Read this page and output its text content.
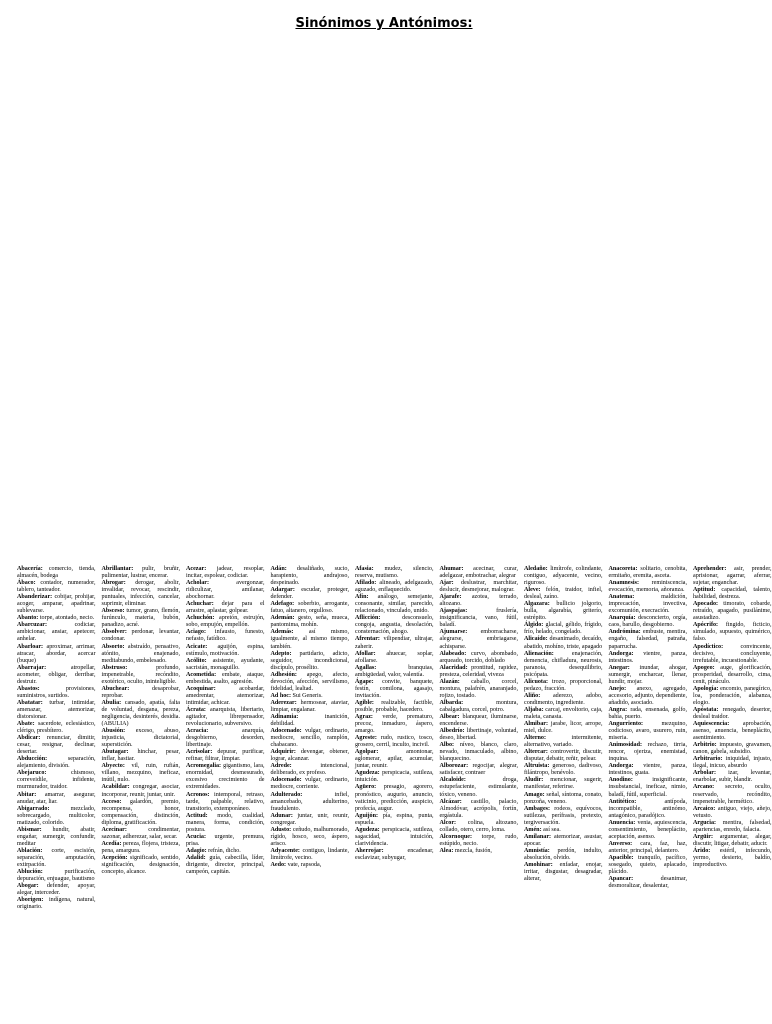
Sinónimos y Antónimos:

Abacería: comercio, tienda, almacén, bodega

Ábaco: contador, numerador, tablero, tanteador.

Abanderizar: cobijar, prohijar, acoger, amparar, apadrinar, sublevarse.

Abanto: torpe, atontado, necio.

Abarcuzar: codiciar, ambicionar, ansiar, apetecer, anhelar.

Abarloar: aproximar, arrimar, atracar, abordar, acercar (buque)

Abarrajar: atropellar, acometer, obligar, derribar, destruir.

Abastos: provisiones, suministros, surtidos.

Abatatar: turbar, intimidar, amenazar, atemorizar, distorsionar.

Abate: sacerdote, eclesiástico, clérigo, presbítero.

Abdicar: renunciar, dimitir, cesar, resignar, declinar, desertar.

Abducción: separación, alejamiento, división.

Abejaruco: chismoso, correveidile, infidente, murmurador, traidor.

Abitar: amarrar, asegurar, anudar, atar, liar.

Abigarrado: mezclado, sobrecargado, multicolor, matizado, colorido.

Abismar: hundir, abatir, engañar, sumergir, confundir, meditar

Ablación: corte, escisión, separación, amputación, extirpación.

Ablución: purificación, depuración, enjuague, bautismo

Abogar: defender, apoyar, alegar, interceder.

Aborigen: indígena, natural, originario.

Abrillantar: pulir, bruñir, pulimentar, lustrar, encerar.

Abrogar: derogar, abolir, invalidar, revocar, rescindir, puntuales, infección, cancelar, suprimir, eliminar.

Absceso: tumor, grano, flemón, furúnculo, materia, bubón, panadizo, acné.

Absolver: perdonar, levantar, condonar.

Absorto: abstraído, pensativo, atónito, enajenado, meditabundo, embelesado.

Abstruso: profundo, impenetrable, recóndito, exotérico, oculto, ininteligible.

Abuchear: desaprobar, reprobar.

Abulia: cansado, apatía, falta de voluntad, desgana, pereza, negligencia, desinterés, desidia. (ABULIA)

Abusión: exceso, abuso, injusticia, dictatorial, superstición.

Abutagar: hinchar, pesar, inflar, hastiar.

Abyecto: vil, ruin, rufián, villano, mezquino, ineficaz, inútil, nulo.

Acabildar: congregar, asociar, incorporar, reunir, juntar, unir.

Acceso: galardón, premio, recompensa, honor, compensación, distinción, diploma, gratificación.

Acecinar: condimentar, sazonar, adherezar, salar, secar.

Acedía: pereza, flojera, tristeza, pena, amargura.

Acepción: significado, sentido, significación, designación, concepto, alcance.

Acezar: jadear, resoplar, incitar, espolear, codiciar.

Acholar: avergonzar, ridiculizar, amilanar, abochornar.

Achuchar: dejar para el arrastre, aplastar, golpear.

Achuchón: apretón, estrujón, sobo, empujón, empellón.

Aciago: infausto, funesto, nefasto, fatídico.

Acicate: aguijón, espina, estímulo, motivación.

Acólito: asistente, ayudante, sacristán, monaguillo.

Acometida: embate, ataque, embestida, asalto, agresión.

Acoquinar: acobardar, amedrentar, atemorizar, intimidar, achicar.

Ácrata: anarquista, libertario, agitador, librepensador, revolucionario, subversivo.

Acracia: anarquía, desgobierno, desorden, libertinaje.

Acrisolar: depurar, purificar, refinar, filtrar, limpiar.

Acromegalia: gigantismo, lara, enormidad, desmesurado, excesivo crecimiento de extremidades.

Acronos: intemporal, retraso, tarde, palpable, relativo, transitorio, extemporáneo.

Actitud: modo, cualidad, manera, forma, condición, postura.

Acucia: urgente, premura, prisa.

Adagio: refrán, dicho.

Adalid: guía, cabecilla, líder, dirigente, director, principal, campeón, capitán.

Adán: desaliñado, sucio, harapiento, andrajoso, despeinado.

Adargar: escudar, proteger, defender.

Adefago: soberbio, arrogante, fatuo, altanero, orgulloso.

Ademán: gesto, seña, mueca, pantomima, mohín.

Además: así mismo, igualmente, al mismo tiempo, también.

Adepto: partidario, adicto, seguidor, incondicional, discípulo, prosélito.

Adhesión: apego, afecto, devoción, afección, servilismo, fidelidad, lealtad.

Ad hoc: Sui Generis.

Aderezar: hermosear, ataviar, limpiar, engalanar.

Adinamia: inanición, debilidad.

Adocenado: vulgar, ordinario, mediocre, sencillo, ramplón, chabacano.

Adquirir: devengar, obtener, lograr, alcanzar.

Adrede: intencional, deliberado, ex profeso.

Adocenado: vulgar, ordinario, mediocre, corriente.

Adulterado: infiel, amancebado, adulterino, fraudulento.

Adunar: juntar, unir, reunir, congregar.

Adusto: ceñudo, malhumorado, rígido, hosco, seco, áspero, arisco.

Adyacente: contiguo, lindante, limítrofe, vecino.

Aedo: vate, rapsoda,

Afasia: mudez, silencio, reserva, mutismo.

Afilado: alineado, adelgazado, aguzado, enflaquecido.

Afín: análogo, semejante, consonante, similar, parecido, relacionado, vinculado, unido.

Aflicción: desconsuelo, congoja, angustia, desolación, consternación, ahogo.

Afrentar: vilipendiar, ultrajar, zaherir.

Afollar: ahuecar, soplar, afollarse.

Agallas: branquias, ambigüedad, valor, valentía.

Ágape: convite, banquete, festín, comilona, agasajo, invitación.

Agible: realizable, factible, posible, probable, hacedero.

Agraz: verde, prematuro, precoz, inmaduro, áspero, amargo.

Agreste: rudo, rustico, tosco, grosero, cerril, inculto, incivil.

Agolpar: amontonar, aglomerar, apilar, acumular, juntar, reunir.

Agudeza: perspicacia, sutileza, intuición.

Agüero: presagio, agorero, pronóstico, augurio, anuncio, vaticinio, predicción, auspicio, profecía, augur.

Aguijón: pía, espina, punta, espuela.

Agudeza: perspicacia, sutileza, sagacidad, intuición, clarividencia.

Aherrojar: encadenar, esclavizar, subyugar,

Ahumar: acecinar, curar, adelgazar, embotrachar, alegrar

Ajar: deslustrar, marchitar, deslucir, desmejorar, malograr.

Ajarafe: azotea, terrado, altozano.

Ajaspajas: fruslería, insignificancia, vano, fútil, baladí.

Ajumarse: emborracharse, alegrarse, embriagarse, achisparse.

Alabeado: curvo, abombado, arqueado, torcido, doblado

Alacridad: prontitud, rapidez, presteza, celeridad, viveza

Alazán: caballo, corcel, montura, palafrén, anaranjado, rojizo, tostado.

Albarda: montura, cabalgadura, corcel, potro.

Albear: blanquear, iluminarse, encenderse.

Albedrío: libertinaje, voluntad, deseo, libertad.

Albo: níveo, blanco, claro, nevado, inmaculado, albino, blanquecino.

Alborozar: regocijar, alegrar, satisfacer, contraer

Alcaloide: droga, estupefaciente, estimulante, tóxico, veneno.

Alcázar: castillo, palacio, Almodóvar, acrópolis, fortín, ergástula.

Alcor: colina, altozano, collado, otero, cerro, loma.

Alcornoque: torpe, rudo, estúpido, necio.

Alea: mezcla, fusión,

Aledaño: limítrofe, colindante, contiguo, adyacente, vecino, riguroso.

Aleve: felón, traidor, infiel, desleal, zaíno.

Algazara: bullicio jolgorio, bulla, algarabía, griterío, estrépito.

Álgido: glacial, gélido, frígido, frío, helado, congelado.

Alicaído: desanimado, decaído, abatido, mohíno, triste, apagado

Alienación: enajenación, demencia, chifladura, neurosis, paranoia, desequilibrio, psicópata.

Alicuota: trozo, proporcional, pedazo, fracción.

Aliño: aderezo, adobo, condimento, ingrediente.

Aljaba: carcaj, envoltorio, caja, maleta, canasta.

Almibar: jarabe, licor, arrope, miel, dulce.

Alterno: intermitente, alternativo, variado.

Altercar: controvertir, discutir, disputar, debatir, reñir, pelear.

Altruista: generoso, dadivoso, filántropo, benévolo.

Aludir: mencionar, sugerir, manifestar, referirse.

Amago: señal, síntoma, conato, ponzoña, veneno.

Ambages: rodeos, equívocos, sutilezas, perífrasis, pretexto, tergiversación.

Amén: así sea.

Amilanar: atemorizar, asustar, apocar.

Amnistía: perdón, indulto, absolución, olvido.

Amohinar: enfadar, enojar, irritar, disgustar, desagradar, alterar,

Anacoreta: solitario, cenobita, ermitaño, eremita, asceta.

Anamnesis: reminiscencia, evocación, memoria, añoranza.

Anatema: maldición, imprecación, invectiva, excomunión, execración.

Anarquía: desconcierto, orgía, caos, barullo, desgobierno.

Andrómina: embuste, mentira, engaño, falsedad, patraña, paparrucha.

Andorga: vientre, panza, intestinos.

Anegar: inundar, ahogar, sumergir, encharcar, llenar, hundir, mojar.

Anejo: anexo, agregado, accesorio, adjunto, dependiente, añadido, asociado.

Angra: rada, ensenada, golfo, bahía, puerto.

Angurriento: mezquino, codicioso, avaro, usurero, ruin, miseria.

Animosidad: rechazo, tirria, rencor, ojeriza, enemistad, inquina.

Andorga: vientre, panza, intestinos, guata.

Anodino: insignificante, insubstancial, ineficaz, nimio, baladí, fútil, superficial.

Antitético: antípoda, incompatible, antinómo, antagónico, paradójico.

Anuencia: venia, aquiescencia, consentimiento, beneplácito, aceptación, asenso.

Anverso: cara, faz, haz, anterior, principal, delantero.

Apacible: tranquilo, pacífico, sosegado, quieto, aplacado, plácido.

Apancar: desanimar, desmoralizar, desalentar,

Aprehender: asir, prender, aprisionar, agarrar, aferrar, sujetar, enganchar.

Aptitud: capacidad, talento, habilidad, destreza.

Apocado: timorato, cobarde, retraído, apagado, pusilánime, asustadizo.

Apócrifo: fingido, ficticio, simulado, supuesto, quimérico, falso.

Apodíctico: convincente, decisivo, concluyente, irrefutable, incuestionable.

Apogeo: auge, glorificación, prosperidad, desarrollo, cima, cenit, pináculo.

Apología: encomio, panegírico, loa, ponderación, alabanza, elogio.

Apóstata: renegado, desertor, desleal traidor.

Aquiescencia: aprobación, asenso, anuencia, beneplácito, asentimiento.

Arbitrio: impuesto, gravamen, canon, gabela, subsidio.

Arbitrario: iniquidad, injusto, ilegal, inicuo, absurdo

Arbolar: izar, levantar, enarbolar, subir, blandir.

Arcano: secreto, oculto, reservado, recóndito, impenetrable, hermético.

Arcaico: antiguo, viejo, añejo, vetusto.

Argucia: mentira, falsedad, apariencias, enredo, falacia.

Argüir: argumentar, alegar, discutir, litigar, debatir, aducir.

Árido: estéril, infecundo, yermo, desierto, baldío, improductivo.
